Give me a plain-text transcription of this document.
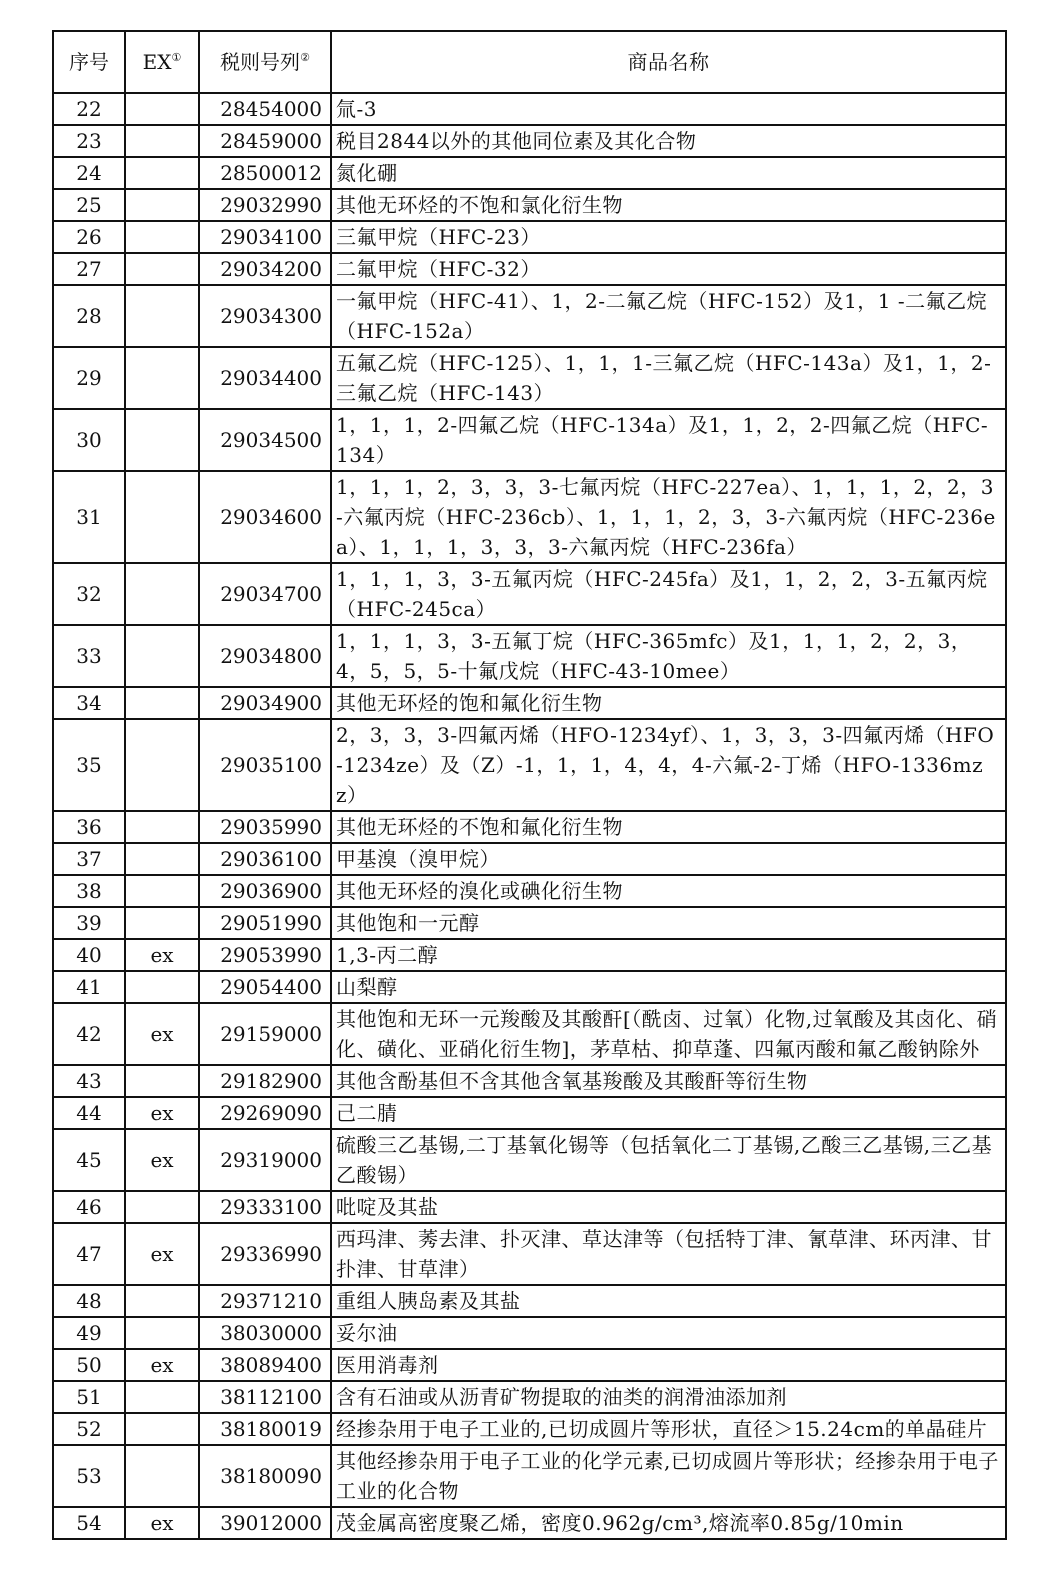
序号	EX①	税则号列②	商品名称
22		28454000	氚-3
23		28459000	税目2844以外的其他同位素及其化合物
24		28500012	氮化硼
25		29032990	其他无环烃的不饱和氯化衍生物
26		29034100	三氟甲烷（HFC-23）
27		29034200	二氟甲烷（HFC-32）
28		29034300	一氟甲烷（HFC-41）、1，2-二氟乙烷（HFC-152）及1，1 -二氟乙烷（HFC-152a）
29		29034400	五氟乙烷（HFC-125）、1，1，1-三氟乙烷（HFC-143a）及1，1，2-三氟乙烷（HFC-143）
30		29034500	1，1，1，2-四氟乙烷（HFC-134a）及1，1，2，2-四氟乙烷（HFC-134）
31		29034600	1，1，1，2，3，3，3-七氟丙烷（HFC-227ea）、1，1，1，2，2，3-六氟丙烷（HFC-236cb）、1，1，1，2，3，3-六氟丙烷（HFC-236ea）、1，1，1，3，3，3-六氟丙烷（HFC-236fa）
32		29034700	1，1，1，3，3-五氟丙烷（HFC-245fa）及1，1，2，2，3-五氟丙烷（HFC-245ca）
33		29034800	1，1，1，3，3-五氟丁烷（HFC-365mfc）及1，1，1，2，2，3，4，5，5，5-十氟戊烷（HFC-43-10mee）
34		29034900	其他无环烃的饱和氟化衍生物
35		29035100	2，3，3，3-四氟丙烯（HFO-1234yf）、1，3，3，3-四氟丙烯（HFO-1234ze）及（Z）-1，1，1，4，4，4-六氟-2-丁烯（HFO-1336mzz）
36		29035990	其他无环烃的不饱和氟化衍生物
37		29036100	甲基溴（溴甲烷）
38		29036900	其他无环烃的溴化或碘化衍生物
39		29051990	其他饱和一元醇
40	ex	29053990	1,3-丙二醇
41		29054400	山梨醇
42	ex	29159000	其他饱和无环一元羧酸及其酸酐[（酰卤、过氧）化物,过氧酸及其卤化、硝化、磺化、亚硝化衍生物]，茅草枯、抑草蓬、四氟丙酸和氟乙酸钠除外
43		29182900	其他含酚基但不含其他含氧基羧酸及其酸酐等衍生物
44	ex	29269090	己二腈
45	ex	29319000	硫酸三乙基锡,二丁基氧化锡等（包括氧化二丁基锡,乙酸三乙基锡,三乙基乙酸锡）
46		29333100	吡啶及其盐
47	ex	29336990	西玛津、莠去津、扑灭津、草达津等（包括特丁津、氰草津、环丙津、甘扑津、甘草津）
48		29371210	重组人胰岛素及其盐
49		38030000	妥尔油
50	ex	38089400	医用消毒剂
51		38112100	含有石油或从沥青矿物提取的油类的润滑油添加剂
52		38180019	经掺杂用于电子工业的,已切成圆片等形状，直径＞15.24cm的单晶硅片
53		38180090	其他经掺杂用于电子工业的化学元素,已切成圆片等形状；经掺杂用于电子工业的化合物
54	ex	39012000	茂金属高密度聚乙烯，密度0.962g/cm³,熔流率0.85g/10min
